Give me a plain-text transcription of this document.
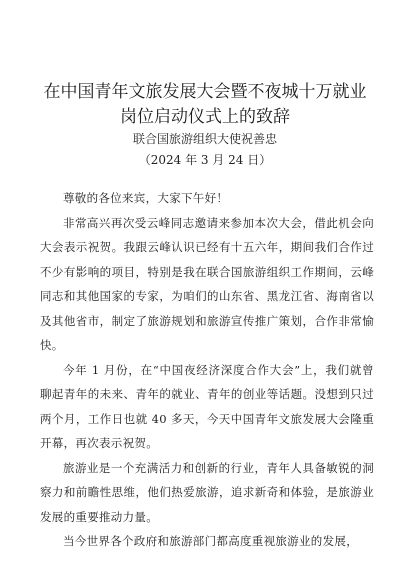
在中国青年文旅发展大会暨不夜城十万就业岗位启动仪式上的致辞
联合国旅游组织大使祝善忠
（2024 年 3 月 24 日）

尊敬的各位来宾，大家下午好！

非常高兴再次受云峰同志邀请来参加本次大会，借此机会向大会表示祝贺。我跟云峰认识已经有十五六年，期间我们合作过不少有影响的项目，特别是我在联合国旅游组织工作期间，云峰同志和其他国家的专家，为咱们的山东省、黑龙江省、海南省以及其他省市，制定了旅游规划和旅游宣传推广策划，合作非常愉快。

今年 1 月份，在“中国夜经济深度合作大会”上，我们就曾聊起青年的未来、青年的就业、青年的创业等话题。没想到只过两个月，工作日也就 40 多天，今天中国青年文旅发展大会隆重开幕，再次表示祝贺。

旅游业是一个充满活力和创新的行业，青年人具备敏锐的洞察力和前瞻性思维，他们热爱旅游，追求新奇和体验，是旅游业发展的重要推动力量。

当今世界各个政府和旅游部门都高度重视旅游业的发展，
